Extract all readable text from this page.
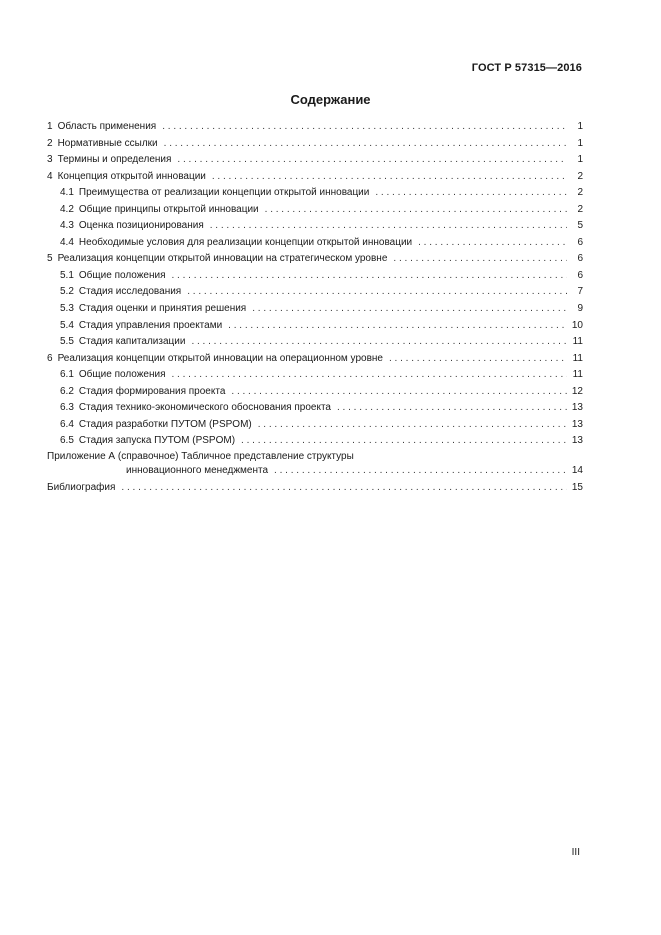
ГОСТ Р 57315—2016
Содержание
1 Область применения . . .	1
2 Нормативные ссылки . . .	1
3 Термины и определения . . .	1
4 Концепция открытой инновации . . .	2
4.1 Преимущества от реализации концепции открытой инновации . . .	2
4.2 Общие принципы открытой инновации . . .	2
4.3 Оценка позиционирования . . .	5
4.4 Необходимые условия для реализации концепции открытой инновации . . .	6
5 Реализация концепции открытой инновации на стратегическом уровне . . .	6
5.1 Общие положения . . .	6
5.2 Стадия исследования . . .	7
5.3 Стадия оценки и принятия решения . . .	9
5.4 Стадия управления проектами . . .	10
5.5 Стадия капитализации . . .	11
6 Реализация концепции открытой инновации на операционном уровне . . .	11
6.1 Общие положения . . .	11
6.2 Стадия формирования проекта . . .	12
6.3 Стадия технико-экономического обоснования проекта . . .	13
6.4 Стадия разработки ПУТОМ (PSPOM) . . .	13
6.5 Стадия запуска ПУТОМ (PSPOM) . . .	13
Приложение А (справочное) Табличное представление структуры
инновационного менеджмента . . .	14
Библиография . . .	15
III
